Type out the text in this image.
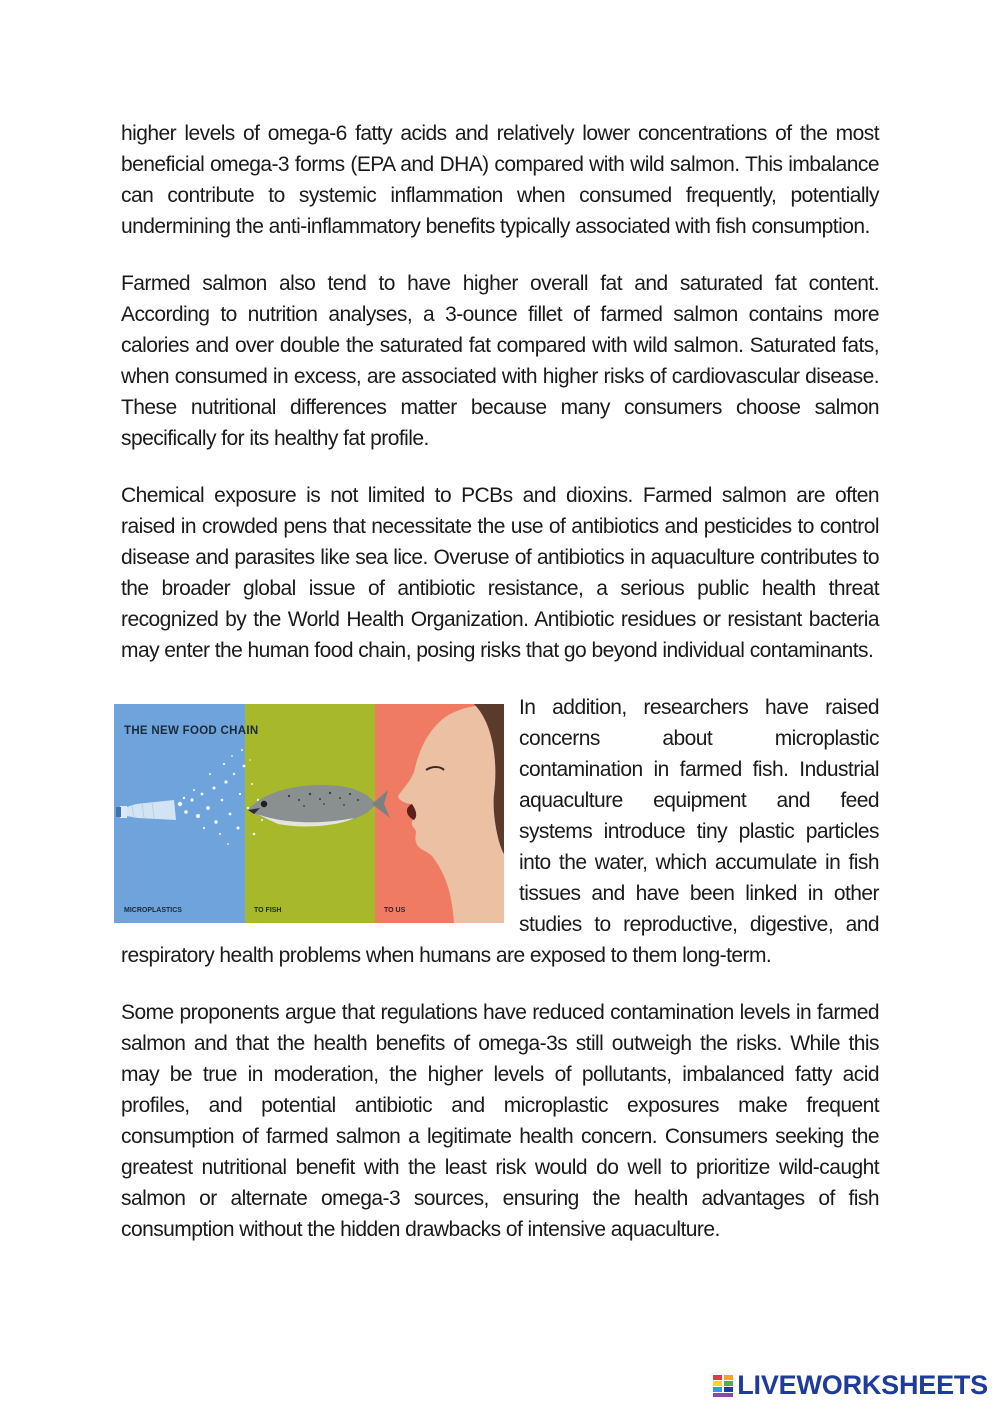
higher levels of omega-6 fatty acids and relatively lower concentrations of the most beneficial omega-3 forms (EPA and DHA) compared with wild salmon. This imbalance can contribute to systemic inflammation when consumed frequently, potentially undermining the anti-inflammatory benefits typically associated with fish consumption.

Farmed salmon also tend to have higher overall fat and saturated fat content. According to nutrition analyses, a 3-ounce fillet of farmed salmon contains more calories and over double the saturated fat compared with wild salmon. Saturated fats, when consumed in excess, are associated with higher risks of cardiovascular disease. These nutritional differences matter because many consumers choose salmon specifically for its healthy fat profile.

Chemical exposure is not limited to PCBs and dioxins. Farmed salmon are often raised in crowded pens that necessitate the use of antibiotics and pesticides to control disease and parasites like sea lice. Overuse of antibiotics in aquaculture contributes to the broader global issue of antibiotic resistance, a serious public health threat recognized by the World Health Organization. Antibiotic residues or resistant bacteria may enter the human food chain, posing risks that go beyond individual contaminants.

THE NEW FOOD CHAIN
MICROPLASTICS	TO FISH	TO US

In addition, researchers have raised concerns about microplastic contamination in farmed fish. Industrial aquaculture equipment and feed systems introduce tiny plastic particles into the water, which accumulate in fish tissues and have been linked in other studies to reproductive, digestive, and respiratory health problems when humans are exposed to them long-term.

Some proponents argue that regulations have reduced contamination levels in farmed salmon and that the health benefits of omega-3s still outweigh the risks. While this may be true in moderation, the higher levels of pollutants, imbalanced fatty acid profiles, and potential antibiotic and microplastic exposures make frequent consumption of farmed salmon a legitimate health concern. Consumers seeking the greatest nutritional benefit with the least risk would do well to prioritize wild-caught salmon or alternate omega-3 sources, ensuring the health advantages of fish consumption without the hidden drawbacks of intensive aquaculture.

LIVEWORKSHEETS
